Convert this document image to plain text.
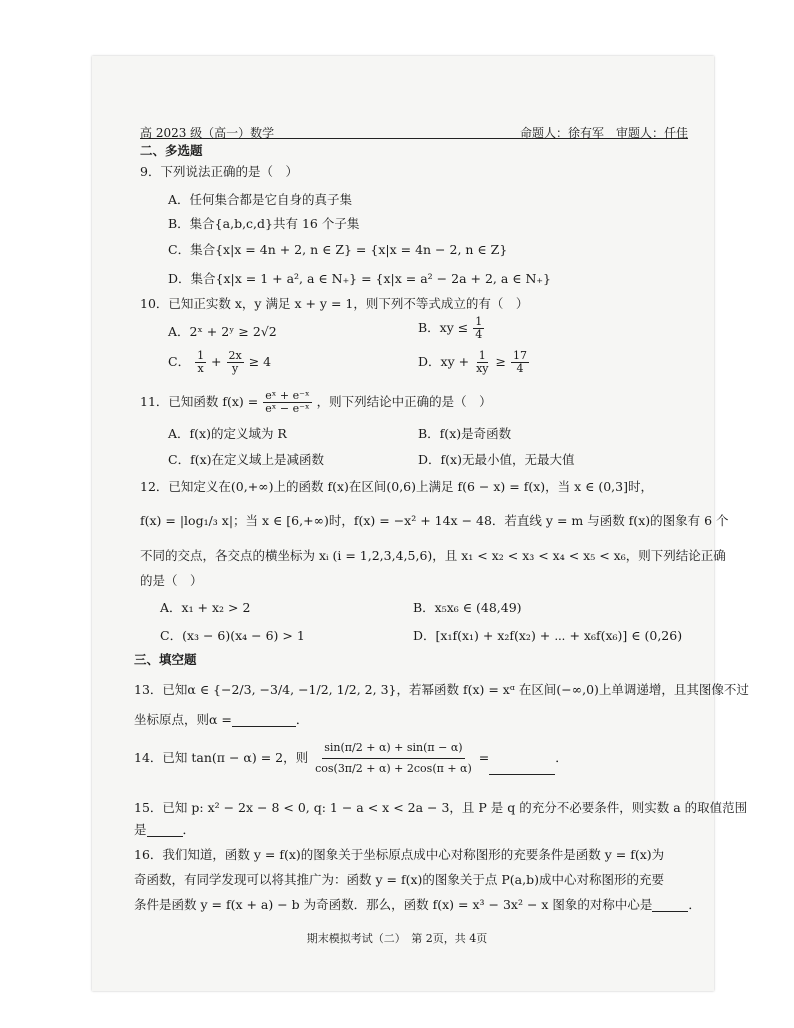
高 2023 级（高一）数学	命题人：徐有军　审题人：仟佳
二、多选题
9．下列说法正确的是（　）
A．任何集合都是它自身的真子集
B．集合{a,b,c,d}共有 16 个子集
C．集合{x|x = 4n + 2, n ∈ Z} = {x|x = 4n − 2, n ∈ Z}
D．集合{x|x = 1 + a², a ∈ N₊} = {x|x = a² − 2a + 2, a ∈ N₊}
10．已知正实数 x，y 满足 x + y = 1，则下列不等式成立的有（　）
A．2ˣ + 2ʸ ≥ 2√2	B．xy ≤ $\frac{1}{4}$
C． $\frac{1}{x} + \frac{2x}{y} \ge 4$	D．xy + $\frac{1}{xy} \ge \frac{17}{4}$
11．已知函数 $f(x) = \frac{\text{eˣ + e⁻ˣ}}{\text{eˣ − e⁻ˣ}}$ ，则下列结论中正确的是（　）
A．f(x)的定义域为 R	B．f(x)是奇函数
C．f(x)在定义域上是减函数	D．f(x)无最小值，无最大值
12．已知定义在(0,+∞)上的函数 f(x)在区间(0,6)上满足 f(6 − x) = f(x)，当 x ∈ (0,3]时，
f(x) = |log₁/₃ x|；当 x ∈ [6,+∞)时，f(x) = −x² + 14x − 48．若直线 y = m 与函数 f(x)的图象有 6 个
不同的交点，各交点的横坐标为 xᵢ (i = 1,2,3,4,5,6)，且 x₁ < x₂ < x₃ < x₄ < x₅ < x₆，则下列结论正确
的是（　）
A．x₁ + x₂ > 2	B．x₅x₆ ∈ (48,49)
C．(x₃ − 6)(x₄ − 6) > 1	D．[x₁f(x₁) + x₂f(x₂) + ⋯ + x₆f(x₆)] ∈ (0,26)
三、填空题
13．已知α ∈ {−2/3, −3/4, −1/2, 1/2, 2, 3}，若幂函数 f(x) = xᵅ 在区间(−∞,0)上单调递增，且其图像不过
坐标原点，则α =	．
14．已知 tan(π − α) = 2，则 $\frac{\sin(\pi/2 + \alpha) + \sin(\pi - \alpha)}{\cos(3\pi/2 + \alpha) + 2\cos(\pi + \alpha)}$ =	．
15．已知 p: x² − 2x − 8 < 0, q: 1 − a < x < 2a − 3，且 P 是 q 的充分不必要条件，则实数 a 的取值范围
是	．
16．我们知道，函数 y = f(x)的图象关于坐标原点成中心对称图形的充要条件是函数 y = f(x)为
奇函数，有同学发现可以将其推广为：函数 y = f(x)的图象关于点 P(a,b)成中心对称图形的充要
条件是函数 y = f(x + a) − b 为奇函数．那么，函数 f(x) = x³ − 3x² − x 图象的对称中心是	．
期末模拟考试（二）　第 2页，共 4页
